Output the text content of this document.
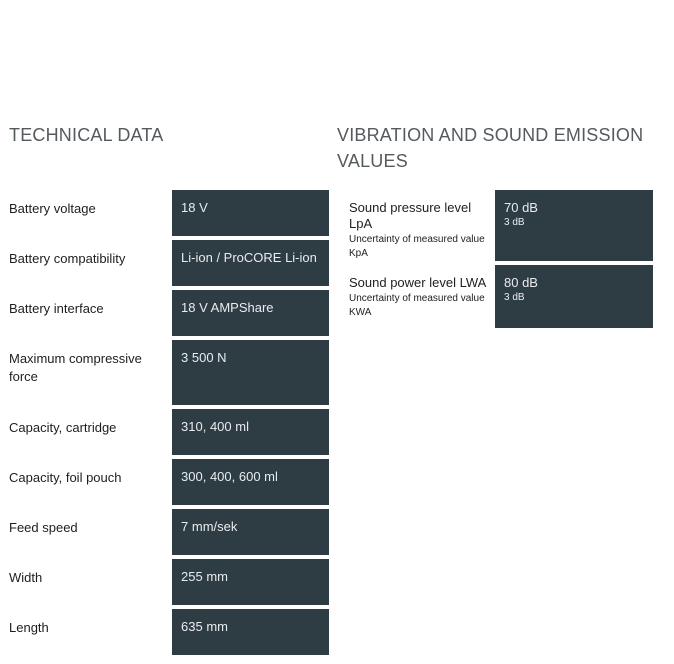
TECHNICAL DATA
Battery voltage	18 V
Battery compatibility	Li-ion / ProCORE Li-ion
Battery interface	18 V AMPShare
Maximum compressive force	3 500 N
Capacity, cartridge	310, 400 ml
Capacity, foil pouch	300, 400, 600 ml
Feed speed	7 mm/sek
Width	255 mm
Length	635 mm
VIBRATION AND SOUND EMISSION VALUES
Sound pressure level LpA
Uncertainty of measured value KpA	70 dB
3 dB

Sound power level LWA
Uncertainty of measured value KWA	80 dB
3 dB
